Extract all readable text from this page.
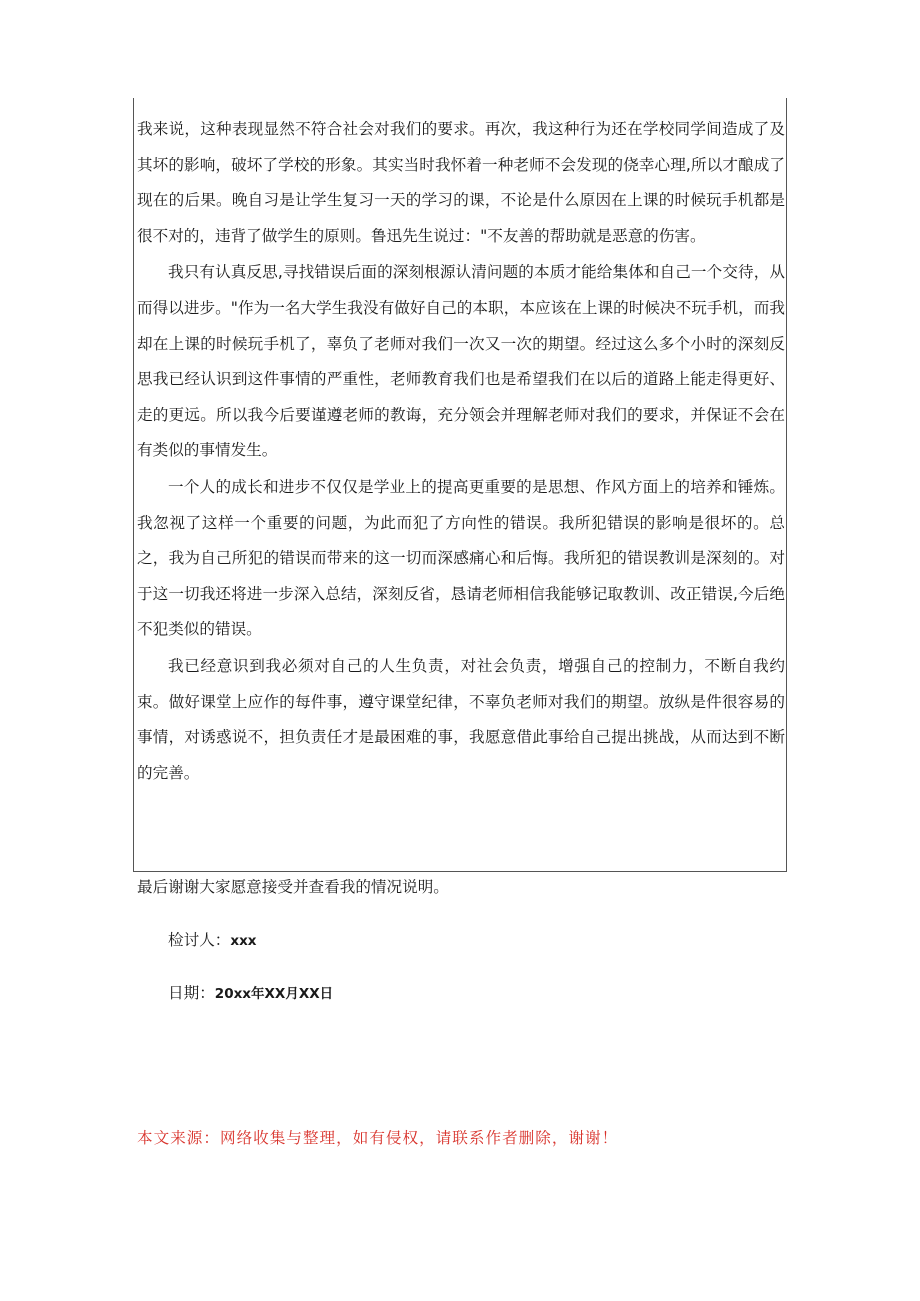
我来说，这种表现显然不符合社会对我们的要求。再次，我这种行为还在学校同学间造成了及其坏的影响，破坏了学校的形象。其实当时我怀着一种老师不会发现的侥幸心理,所以才酿成了现在的后果。晚自习是让学生复习一天的学习的课，不论是什么原因在上课的时候玩手机都是很不对的，违背了做学生的原则。鲁迅先生说过："不友善的帮助就是恶意的伤害。

我只有认真反思,寻找错误后面的深刻根源认清问题的本质才能给集体和自己一个交待，从而得以进步。"作为一名大学生我没有做好自己的本职，本应该在上课的时候决不玩手机，而我却在上课的时候玩手机了，辜负了老师对我们一次又一次的期望。经过这么多个小时的深刻反思我已经认识到这件事情的严重性，老师教育我们也是希望我们在以后的道路上能走得更好、走的更远。所以我今后要谨遵老师的教诲，充分领会并理解老师对我们的要求，并保证不会在有类似的事情发生。

一个人的成长和进步不仅仅是学业上的提高更重要的是思想、作风方面上的培养和锤炼。我忽视了这样一个重要的问题，为此而犯了方向性的错误。我所犯错误的影响是很坏的。总之，我为自己所犯的错误而带来的这一切而深感痛心和后悔。我所犯的错误教训是深刻的。对于这一切我还将进一步深入总结，深刻反省，恳请老师相信我能够记取教训、改正错误,今后绝不犯类似的错误。

我已经意识到我必须对自己的人生负责，对社会负责，增强自己的控制力，不断自我约束。做好课堂上应作的每件事，遵守课堂纪律，不辜负老师对我们的期望。放纵是件很容易的事情，对诱惑说不，担负责任才是最困难的事，我愿意借此事给自己提出挑战，从而达到不断的完善。

最后谢谢大家愿意接受并查看我的情况说明。
检讨人：xxx
日期：20xx年XX月XX日
本文来源：网络收集与整理，如有侵权，请联系作者删除，谢谢！
